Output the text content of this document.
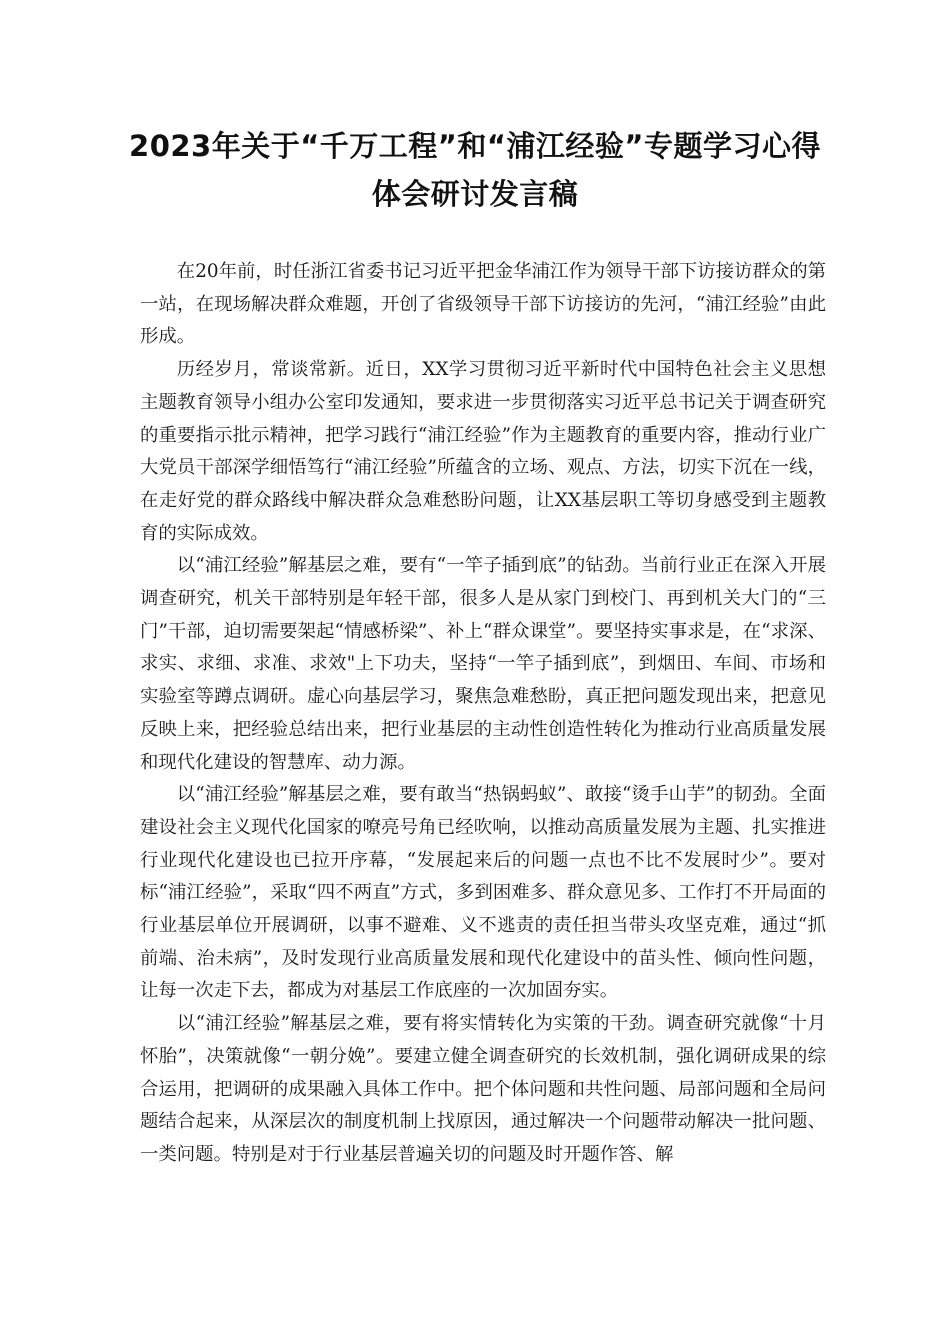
2023年关于“千万工程”和“浦江经验”专题学习心得
体会研讨发言稿

在20年前，时任浙江省委书记习近平把金华浦江作为领导干部下访接访群众的第一站，在现场解决群众难题，开创了省级领导干部下访接访的先河，“浦江经验”由此形成。

历经岁月，常谈常新。近日，XX学习贯彻习近平新时代中国特色社会主义思想主题教育领导小组办公室印发通知，要求进一步贯彻落实习近平总书记关于调查研究的重要指示批示精神，把学习践行“浦江经验”作为主题教育的重要内容，推动行业广大党员干部深学细悟笃行“浦江经验”所蕴含的立场、观点、方法，切实下沉在一线，在走好党的群众路线中解决群众急难愁盼问题，让XX基层职工等切身感受到主题教育的实际成效。

以“浦江经验”解基层之难，要有“一竿子插到底”的钻劲。当前行业正在深入开展调查研究，机关干部特别是年轻干部，很多人是从家门到校门、再到机关大门的“三门”干部，迫切需要架起“情感桥梁”、补上“群众课堂”。要坚持实事求是，在“求深、求实、求细、求准、求效"上下功夫，坚持“一竿子插到底”，到烟田、车间、市场和实验室等蹲点调研。虚心向基层学习，聚焦急难愁盼，真正把问题发现出来，把意见反映上来，把经验总结出来，把行业基层的主动性创造性转化为推动行业高质量发展和现代化建设的智慧库、动力源。

以“浦江经验”解基层之难，要有敢当“热锅蚂蚁”、敢接“烫手山芋”的韧劲。全面建设社会主义现代化国家的嘹亮号角已经吹响，以推动高质量发展为主题、扎实推进行业现代化建设也已拉开序幕，“发展起来后的问题一点也不比不发展时少”。要对标“浦江经验”，采取“四不两直”方式，多到困难多、群众意见多、工作打不开局面的行业基层单位开展调研，以事不避难、义不逃责的责任担当带头攻坚克难，通过“抓前端、治未病”，及时发现行业高质量发展和现代化建设中的苗头性、倾向性问题，让每一次走下去，都成为对基层工作底座的一次加固夯实。

以“浦江经验”解基层之难，要有将实情转化为实策的干劲。调查研究就像“十月怀胎”，决策就像“一朝分娩”。要建立健全调查研究的长效机制，强化调研成果的综合运用，把调研的成果融入具体工作中。把个体问题和共性问题、局部问题和全局问题结合起来，从深层次的制度机制上找原因，通过解决一个问题带动解决一批问题、一类问题。特别是对于行业基层普遍关切的问题及时开题作答、解
